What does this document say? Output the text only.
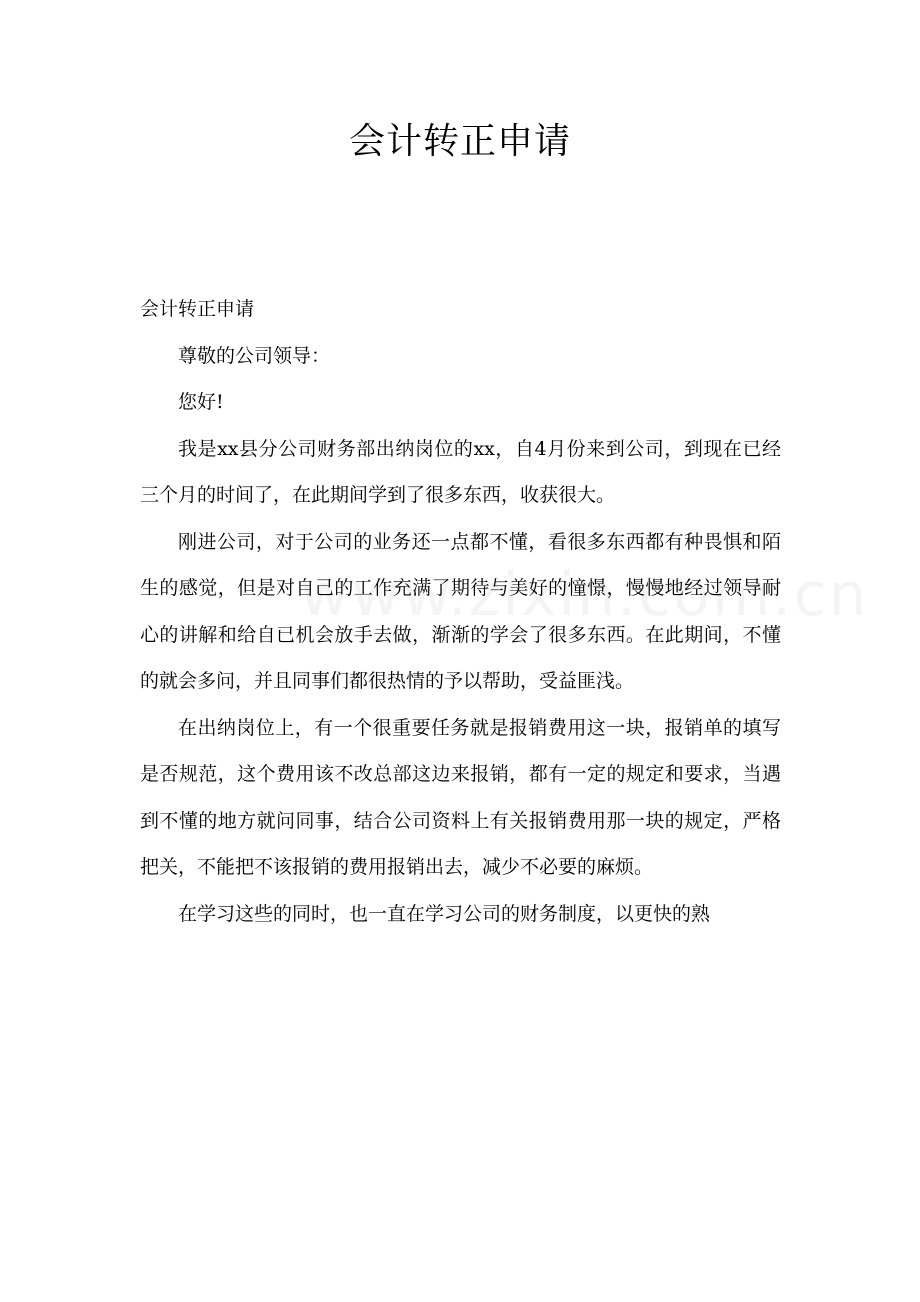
会计转正申请

会计转正申请

尊敬的公司领导：

您好!

我是xx县分公司财务部出纳岗位的xx，自4月份来到公司，到现在已经三个月的时间了，在此期间学到了很多东西，收获很大。

刚进公司，对于公司的业务还一点都不懂，看很多东西都有种畏惧和陌生的感觉，但是对自己的工作充满了期待与美好的憧憬，慢慢地经过领导耐心的讲解和给自已机会放手去做，渐渐的学会了很多东西。在此期间，不懂的就会多问，并且同事们都很热情的予以帮助，受益匪浅。

在出纳岗位上，有一个很重要任务就是报销费用这一块，报销单的填写是否规范，这个费用该不改总部这边来报销，都有一定的规定和要求，当遇到不懂的地方就问同事，结合公司资料上有关报销费用那一块的规定，严格把关，不能把不该报销的费用报销出去，减少不必要的麻烦。

在学习这些的同时，也一直在学习公司的财务制度，以更快的熟
